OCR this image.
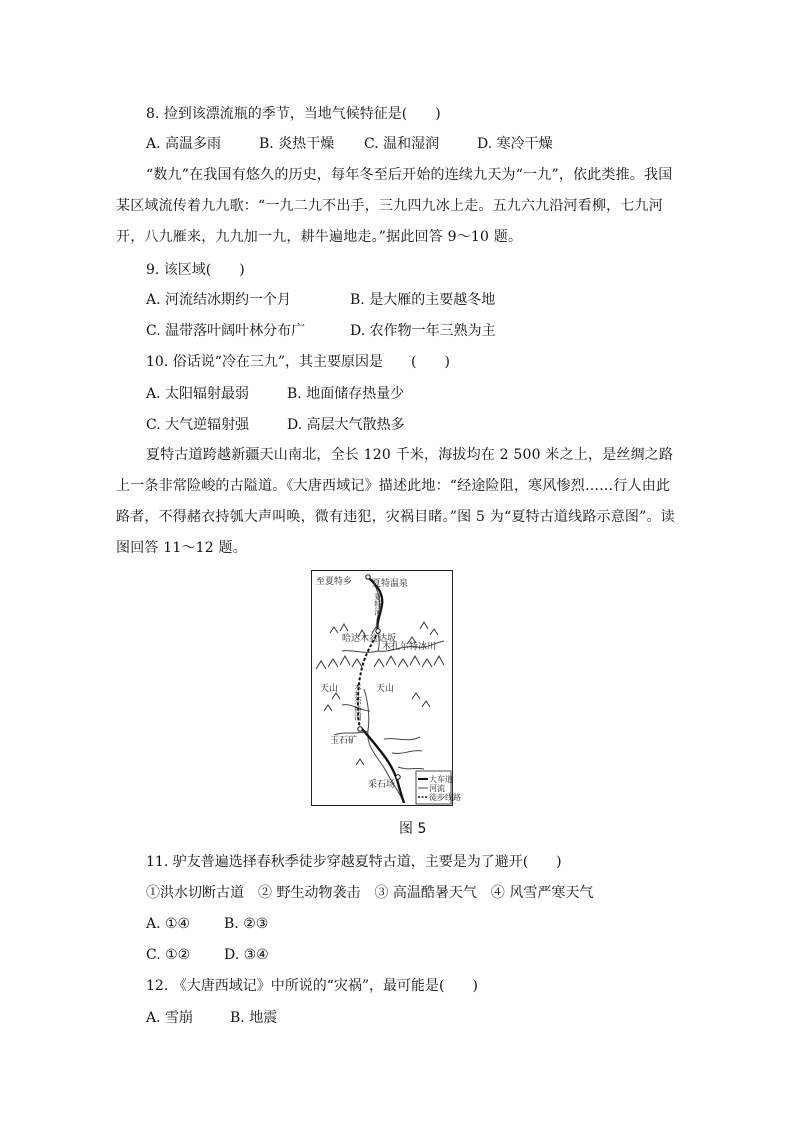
8. 捡到该漂流瓶的季节，当地气候特征是(　　)
A. 高温多雨	B. 炎热干燥 C. 温和湿润	D. 寒冷干燥
“数九”在我国有悠久的历史，每年冬至后开始的连续九天为“一九”，依此类推。我国某区域流传着九九歌：“一九二九不出手，三九四九冰上走。五九六九沿河看柳，七九河开，八九雁来，九九加一九，耕牛遍地走。”据此回答 9～10 题。
9. 该区域(　　)
A. 河流结冰期约一个月	B. 是大雁的主要越冬地
C. 温带落叶阔叶林分布广	D. 农作物一年三熟为主
10. 俗话说“冷在三九”，其主要原因是　　(　　)
A. 太阳辐射最弱	B. 地面储存热量少
C. 大气逆辐射强	D. 高层大气散热多
夏特古道跨越新疆天山南北，全长 120 千米，海拔均在 2 500 米之上，是丝绸之路上一条非常险峻的古隘道。《大唐西域记》描述此地：“经途险阻，寒风惨烈……行人由此路者，不得赭衣持瓠大声叫唤，微有违犯，灾祸目睹。”图 5 为“夏特古道线路示意图”。读图回答 11～12 题。
至夏特乡 夏特温泉
哈达木盆达坂
木扎尔特冰川
天山	天山
玉石矿
采石场
夏特河
木扎尔特河
大车道
河流
徒步线路
图 5
11. 驴友普遍选择春秋季徒步穿越夏特古道，主要是为了避开(　　)
①洪水切断古道　② 野生动物袭击　③ 高温酷暑天气　④ 风雪严寒天气
A. ①④ B. ②③
C. ①② D. ③④
12. 《大唐西域记》中所说的“灾祸”，最可能是(　　)
A. 雪崩	B. 地震
